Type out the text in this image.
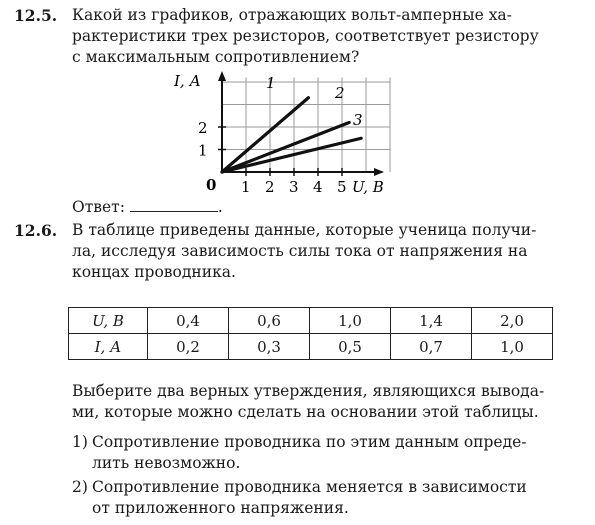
12.5. Какой из графиков, отражающих вольт-амперные ха-
рактеристики трех резисторов, соответствует резистору
с максимальным сопротивлением?
1
2
3
0 1 2 3 4 5
1
2
I, А
U, В
Ответ:	.
12.6. В таблице приведены данные, которые ученица получи-
ла, исследуя зависимость силы тока от напряжения на
концах проводника.
U, В	0,4	0,6	1,0	1,4	2,0
I, А	0,2	0,3	0,5	0,7	1,0
Выберите два верных утверждения, являющихся вывода-
ми, которые можно сделать на основании этой таблицы.
1) Сопротивление проводника по этим данным опреде-
лить невозможно.
2) Сопротивление проводника меняется в зависимости
от приложенного напряжения.
